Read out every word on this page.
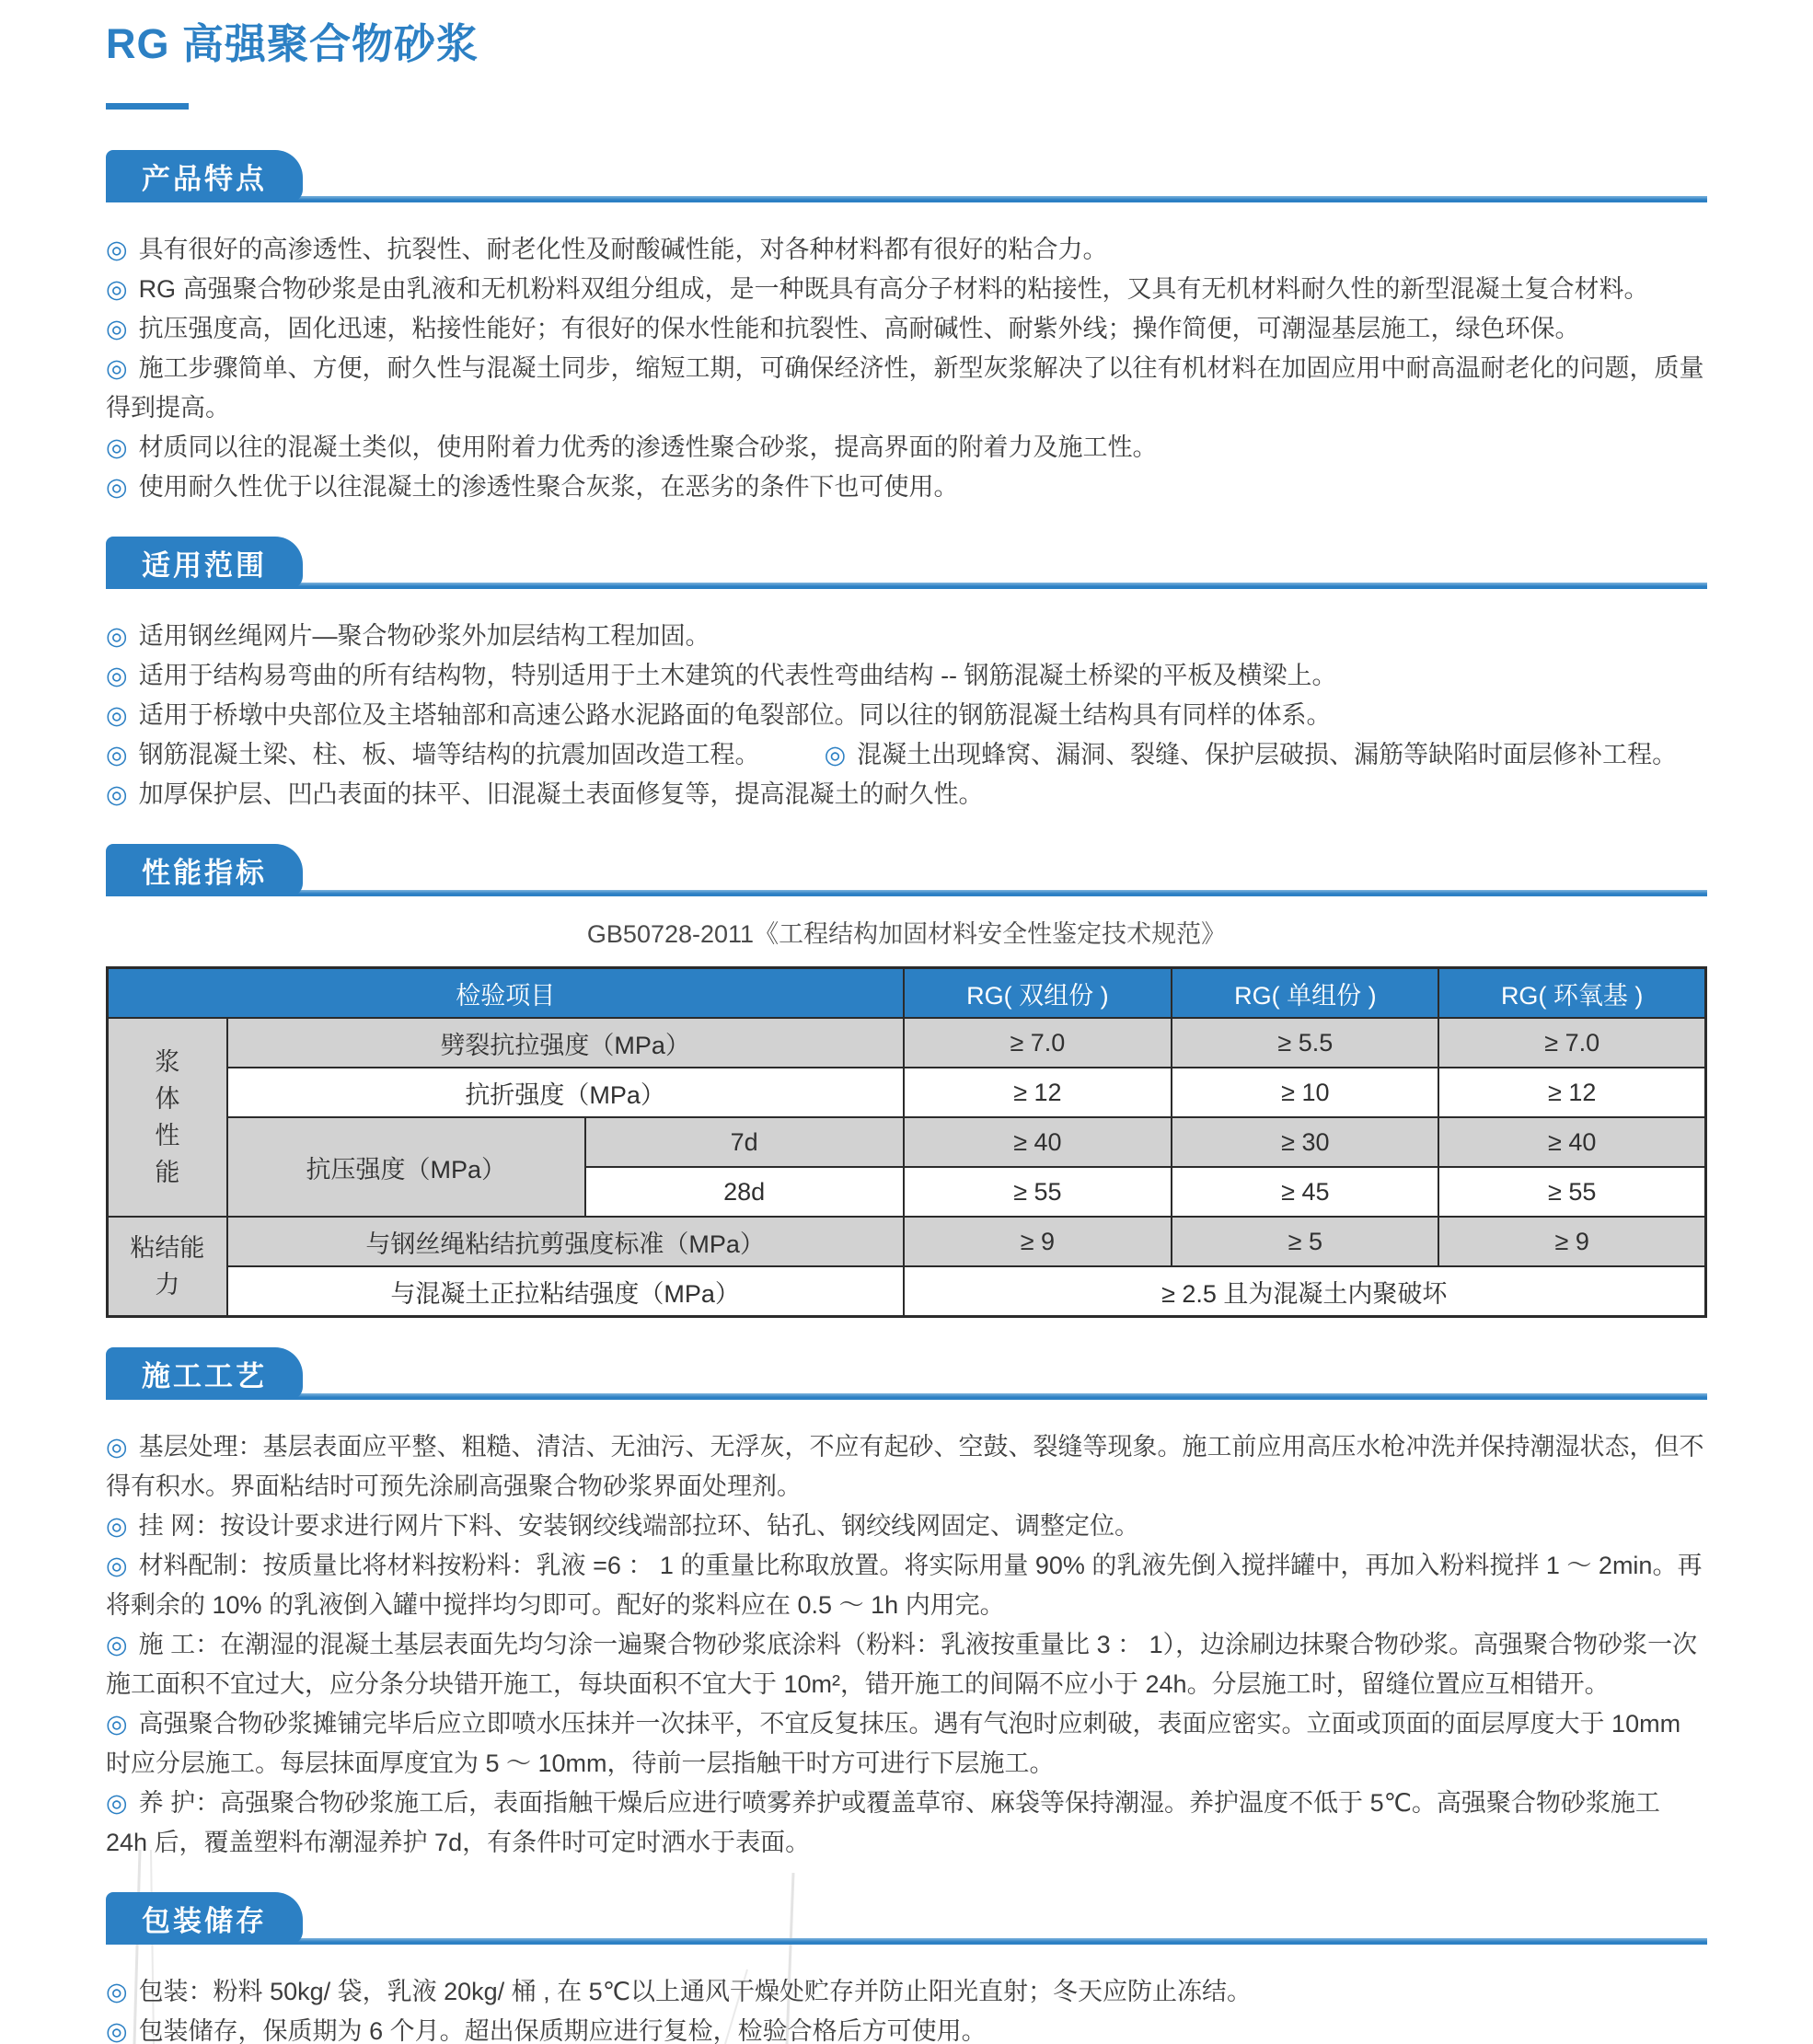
RG 高强聚合物砂浆
产品特点
◎ 具有很好的高渗透性、抗裂性、耐老化性及耐酸碱性能，对各种材料都有很好的粘合力。
◎ RG 高强聚合物砂浆是由乳液和无机粉料双组分组成，是一种既具有高分子材料的粘接性，又具有无机材料耐久性的新型混凝土复合材料。
◎ 抗压强度高，固化迅速，粘接性能好；有很好的保水性能和抗裂性、高耐碱性、耐紫外线；操作简便，可潮湿基层施工，绿色环保。
◎ 施工步骤简单、方便，耐久性与混凝土同步，缩短工期，可确保经济性，新型灰浆解决了以往有机材料在加固应用中耐高温耐老化的问题，质量得到提高。
◎ 材质同以往的混凝土类似，使用附着力优秀的渗透性聚合砂浆，提高界面的附着力及施工性。
◎ 使用耐久性优于以往混凝土的渗透性聚合灰浆，在恶劣的条件下也可使用。
适用范围
◎ 适用钢丝绳网片—聚合物砂浆外加层结构工程加固。
◎ 适用于结构易弯曲的所有结构物，特别适用于土木建筑的代表性弯曲结构 -- 钢筋混凝土桥梁的平板及横梁上。
◎ 适用于桥墩中央部位及主塔轴部和高速公路水泥路面的龟裂部位。同以往的钢筋混凝土结构具有同样的体系。
◎ 钢筋混凝土梁、柱、板、墙等结构的抗震加固改造工程。	◎ 混凝土出现蜂窝、漏洞、裂缝、保护层破损、漏筋等缺陷时面层修补工程。
◎ 加厚保护层、凹凸表面的抹平、旧混凝土表面修复等，提高混凝土的耐久性。
性能指标
GB50728-2011《工程结构加固材料安全性鉴定技术规范》
检验项目			RG( 双组份 )	RG( 单组份 )	RG( 环氧基 )

浆
体
性
能	劈裂抗拉强度（MPa）		≥ 7.0	≥ 5.5	≥ 7.0
	抗折强度（MPa）		≥ 12	≥ 10	≥ 12
	抗压强度（MPa）	7d	≥ 40	≥ 30	≥ 40
		28d	≥ 55	≥ 45	≥ 55

粘结能
力	与钢丝绳粘结抗剪强度标准（MPa）		≥ 9	≥ 5	≥ 9
	与混凝土正拉粘结强度（MPa）		≥ 2.5 且为混凝土内聚破坏		
施工工艺
◎ 基层处理：基层表面应平整、粗糙、清洁、无油污、无浮灰，不应有起砂、空鼓、裂缝等现象。施工前应用高压水枪冲洗并保持潮湿状态，但不得有积水。界面粘结时可预先涂刷高强聚合物砂浆界面处理剂。
◎ 挂 网：按设计要求进行网片下料、安装钢绞线端部拉环、钻孔、钢绞线网固定、调整定位。
◎ 材料配制：按质量比将材料按粉料：乳液 =6 ： 1 的重量比称取放置。将实际用量 90% 的乳液先倒入搅拌罐中，再加入粉料搅拌 1 ～ 2min。再将剩余的 10% 的乳液倒入罐中搅拌均匀即可。配好的浆料应在 0.5 ～ 1h 内用完。
◎ 施 工：在潮湿的混凝土基层表面先均匀涂一遍聚合物砂浆底涂料（粉料：乳液按重量比 3 ： 1），边涂刷边抹聚合物砂浆。高强聚合物砂浆一次施工面积不宜过大，应分条分块错开施工，每块面积不宜大于 10m²，错开施工的间隔不应小于 24h。分层施工时，留缝位置应互相错开。
◎ 高强聚合物砂浆摊铺完毕后应立即喷水压抹并一次抹平，不宜反复抹压。遇有气泡时应刺破，表面应密实。立面或顶面的面层厚度大于 10mm 时应分层施工。每层抹面厚度宜为 5 ～ 10mm，待前一层指触干时方可进行下层施工。
◎ 养 护：高强聚合物砂浆施工后，表面指触干燥后应进行喷雾养护或覆盖草帘、麻袋等保持潮湿。养护温度不低于 5℃。高强聚合物砂浆施工 24h 后，覆盖塑料布潮湿养护 7d，有条件时可定时洒水于表面。
包装储存
◎ 包装：粉料 50kg/ 袋，乳液 20kg/ 桶 , 在 5℃以上通风干燥处贮存并防止阳光直射；冬天应防止冻结。
◎ 包装储存，保质期为 6 个月。超出保质期应进行复检，检验合格后方可使用。
